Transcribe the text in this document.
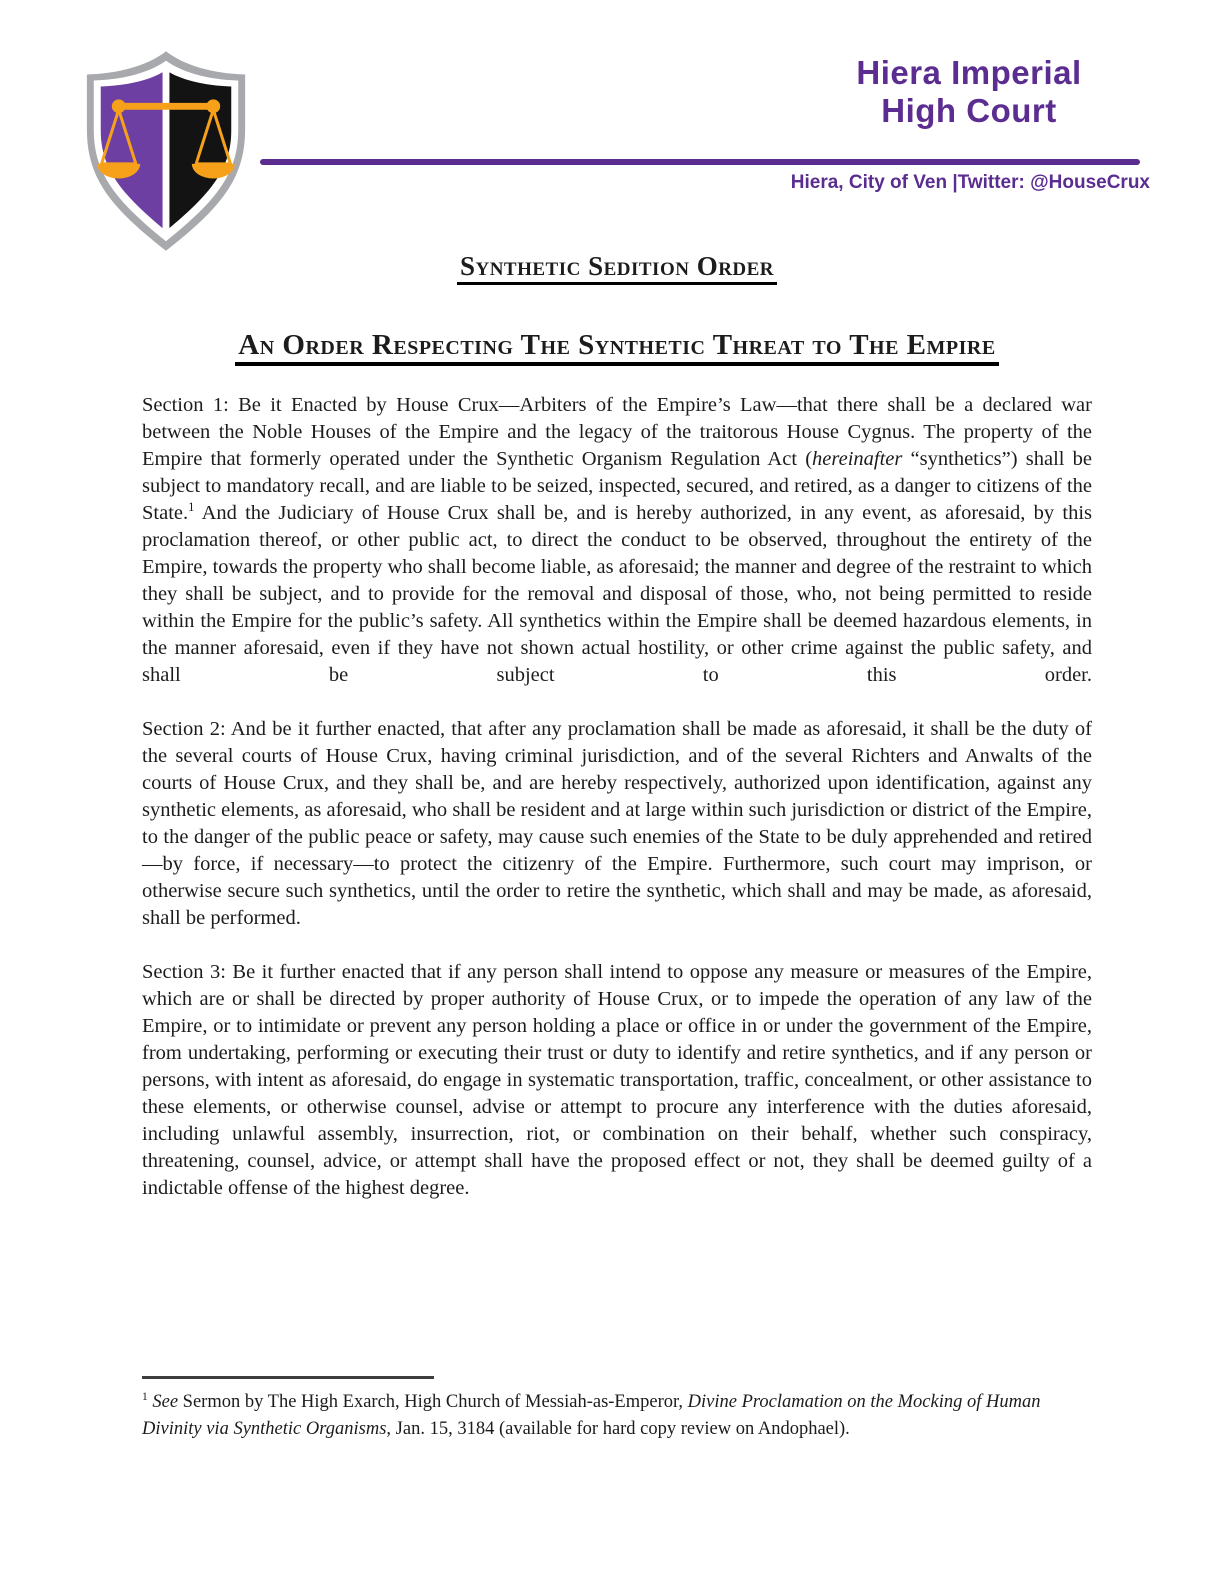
Hiera Imperial
High Court
Hiera, City of Ven |Twitter: @HouseCrux
Synthetic Sedition Order
An Order Respecting The Synthetic Threat to The Empire

Section 1: Be it Enacted by House Crux—Arbiters of the Empire’s Law—that there shall be a declared war between the Noble Houses of the Empire and the legacy of the traitorous House Cygnus. The property of the Empire that formerly operated under the Synthetic Organism Regulation Act (hereinafter “synthetics”) shall be subject to mandatory recall, and are liable to be seized, inspected, secured, and retired, as a danger to citizens of the State.$^1$ And the Judiciary of House Crux shall be, and is hereby authorized, in any event, as aforesaid, by this proclamation thereof, or other public act, to direct the conduct to be observed, throughout the entirety of the Empire, towards the property who shall become liable, as aforesaid; the manner and degree of the restraint to which they shall be subject, and to provide for the removal and disposal of those, who, not being permitted to reside within the Empire for the public’s safety. All synthetics within the Empire shall be deemed hazardous elements, in the manner aforesaid, even if they have not shown actual hostility, or other crime against the public safety, and shall be subject to this order.

Section 2: And be it further enacted, that after any proclamation shall be made as aforesaid, it shall be the duty of the several courts of House Crux, having criminal jurisdiction, and of the several Richters and Anwalts of the courts of House Crux, and they shall be, and are hereby respectively, authorized upon identification, against any synthetic elements, as aforesaid, who shall be resident and at large within such jurisdiction or district of the Empire, to the danger of the public peace or safety, may cause such enemies of the State to be duly apprehended and retired—by force, if necessary—to protect the citizenry of the Empire. Furthermore, such court may imprison, or otherwise secure such synthetics, until the order to retire the synthetic, which shall and may be made, as aforesaid, shall be performed.

Section 3: Be it further enacted that if any person shall intend to oppose any measure or measures of the Empire, which are or shall be directed by proper authority of House Crux, or to impede the operation of any law of the Empire, or to intimidate or prevent any person holding a place or office in or under the government of the Empire, from undertaking, performing or executing their trust or duty to identify and retire synthetics, and if any person or persons, with intent as aforesaid, do engage in systematic transportation, traffic, concealment, or other assistance to these elements, or otherwise counsel, advise or attempt to procure any interference with the duties aforesaid, including unlawful assembly, insurrection, riot, or combination on their behalf, whether such conspiracy, threatening, counsel, advice, or attempt shall have the proposed effect or not, they shall be deemed guilty of a indictable offense of the highest degree.

$^1$ See Sermon by The High Exarch, High Church of Messiah-as-Emperor, Divine Proclamation on the Mocking of Human Divinity via Synthetic Organisms, Jan. 15, 3184 (available for hard copy review on Andophael).
